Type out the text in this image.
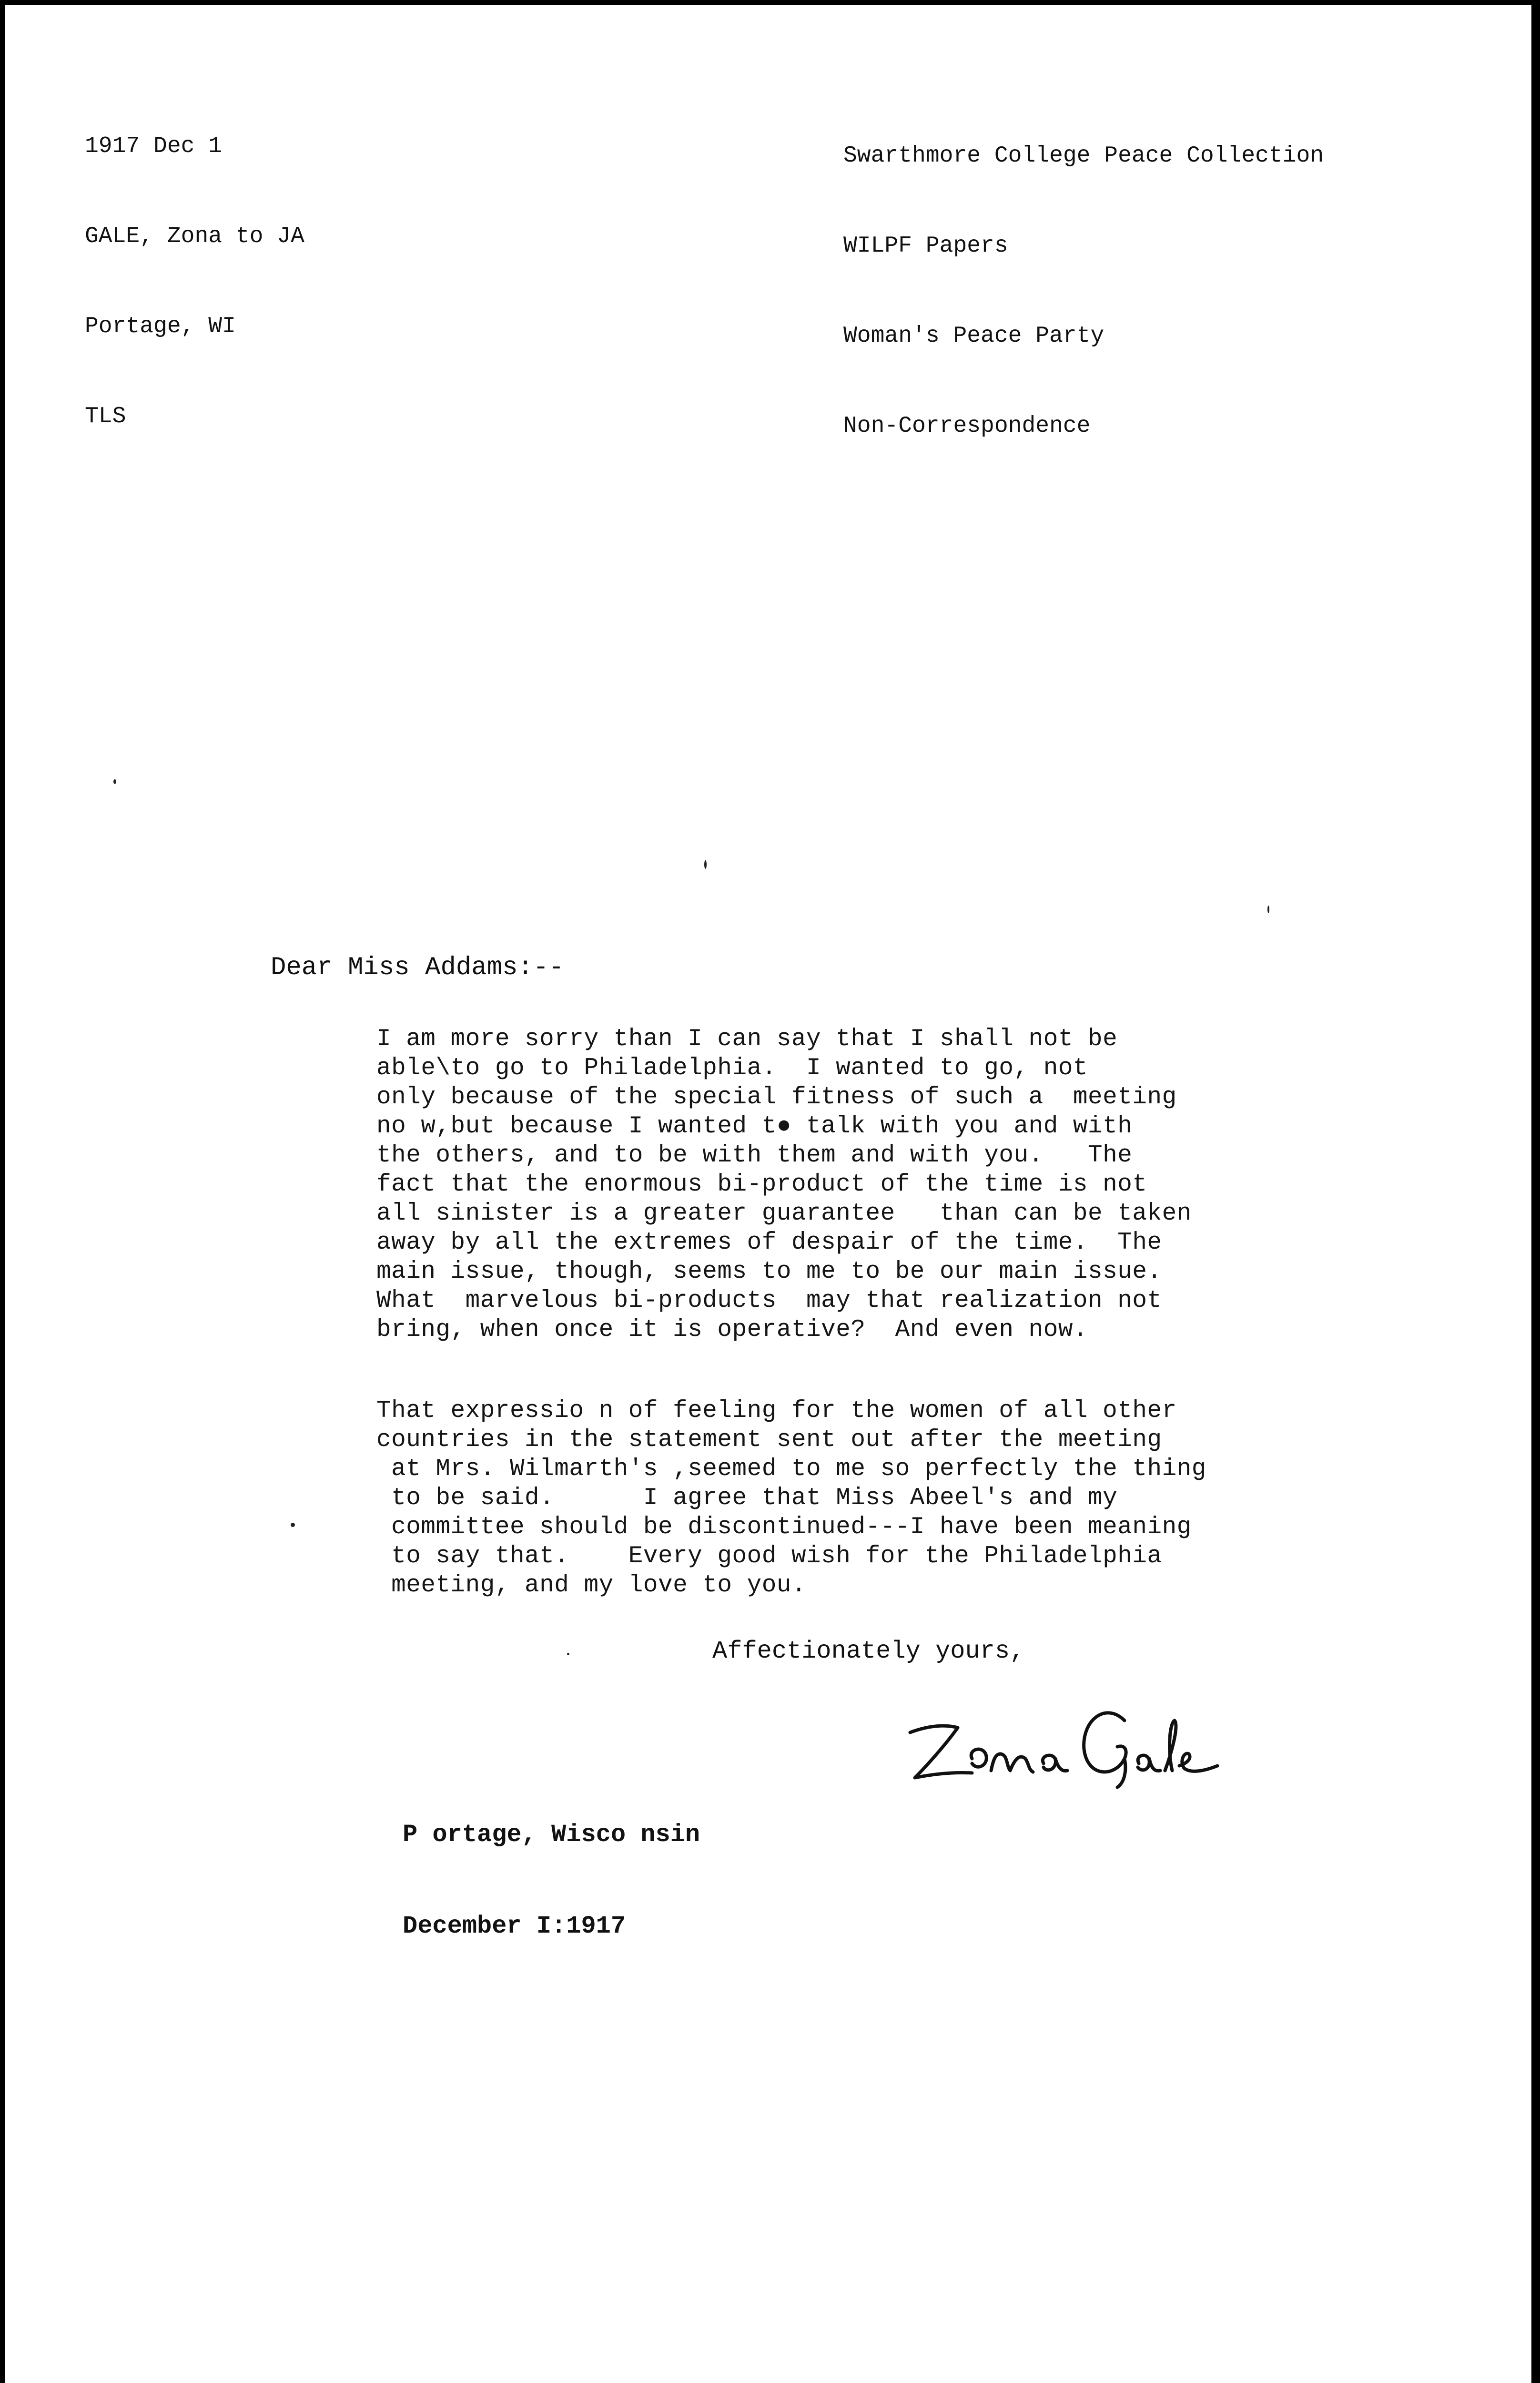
1917 Dec 1

GALE, Zona to JA

Portage, WI

TLS

Swarthmore College Peace Collection

WILPF Papers

Woman's Peace Party

Non-Correspondence

Dear Miss Addams:--
I am more sorry than I can say that I shall not be
able\to go to Philadelphia.  I wanted to go, not
only because of the special fitness of such a  meeting
no w,but because I wanted t● talk with you and with
the others, and to be with them and with you.   The
fact that the enormous bi-product of the time is not
all sinister is a greater guarantee   than can be taken
away by all the extremes of despair of the time.  The
main issue, though, seems to me to be our main issue.
What  marvelous bi-products  may that realization not
bring, when once it is operative?  And even now.
That expressio n of feeling for the women of all other
countries in the statement sent out after the meeting
at Mrs. Wilmarth's ,seemed to me so perfectly the thing
to be said.      I agree that Miss Abeel's and my
committee should be discontinued---I have been meaning
to say that.    Every good wish for the Philadelphia
meeting, and my love to you.
Affectionately yours,

P ortage, Wisco nsin

December I:1917
